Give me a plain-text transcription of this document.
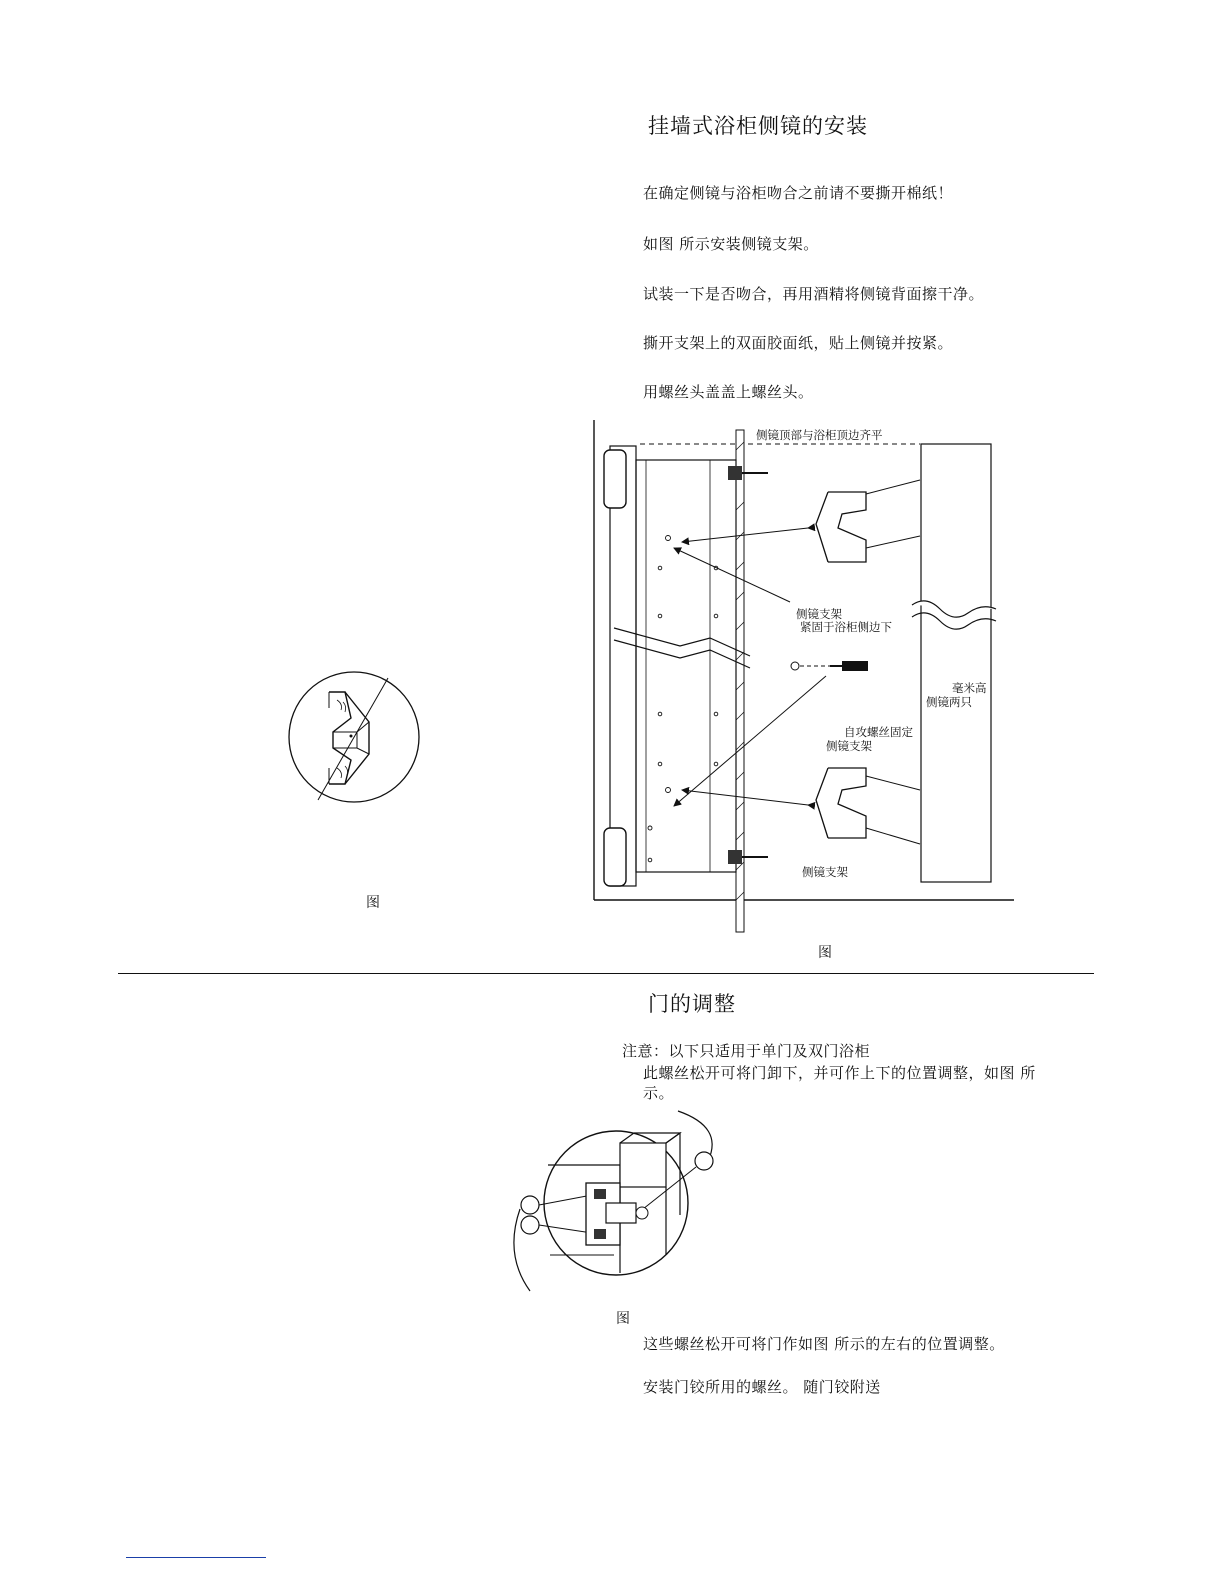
挂墙式浴柜侧镜的安装
在确定侧镜与浴柜吻合之前请不要撕开棉纸！
如图 所示安装侧镜支架。
试装一下是否吻合，再用酒精将侧镜背面擦干净。
撕开支架上的双面胶面纸，贴上侧镜并按紧。
用螺丝头盖盖上螺丝头。
图
侧镜顶部与浴柜顶边齐平
侧镜支架
紧固于浴柜侧边下
毫米高
侧镜两只
自攻螺丝固定
侧镜支架
侧镜支架
图
门的调整
注意：以下只适用于单门及双门浴柜
此螺丝松开可将门卸下，并可作上下的位置调整，如图 所
示。
图
这些螺丝松开可将门作如图 所示的左右的位置调整。
安装门铰所用的螺丝。 随门铰附送
